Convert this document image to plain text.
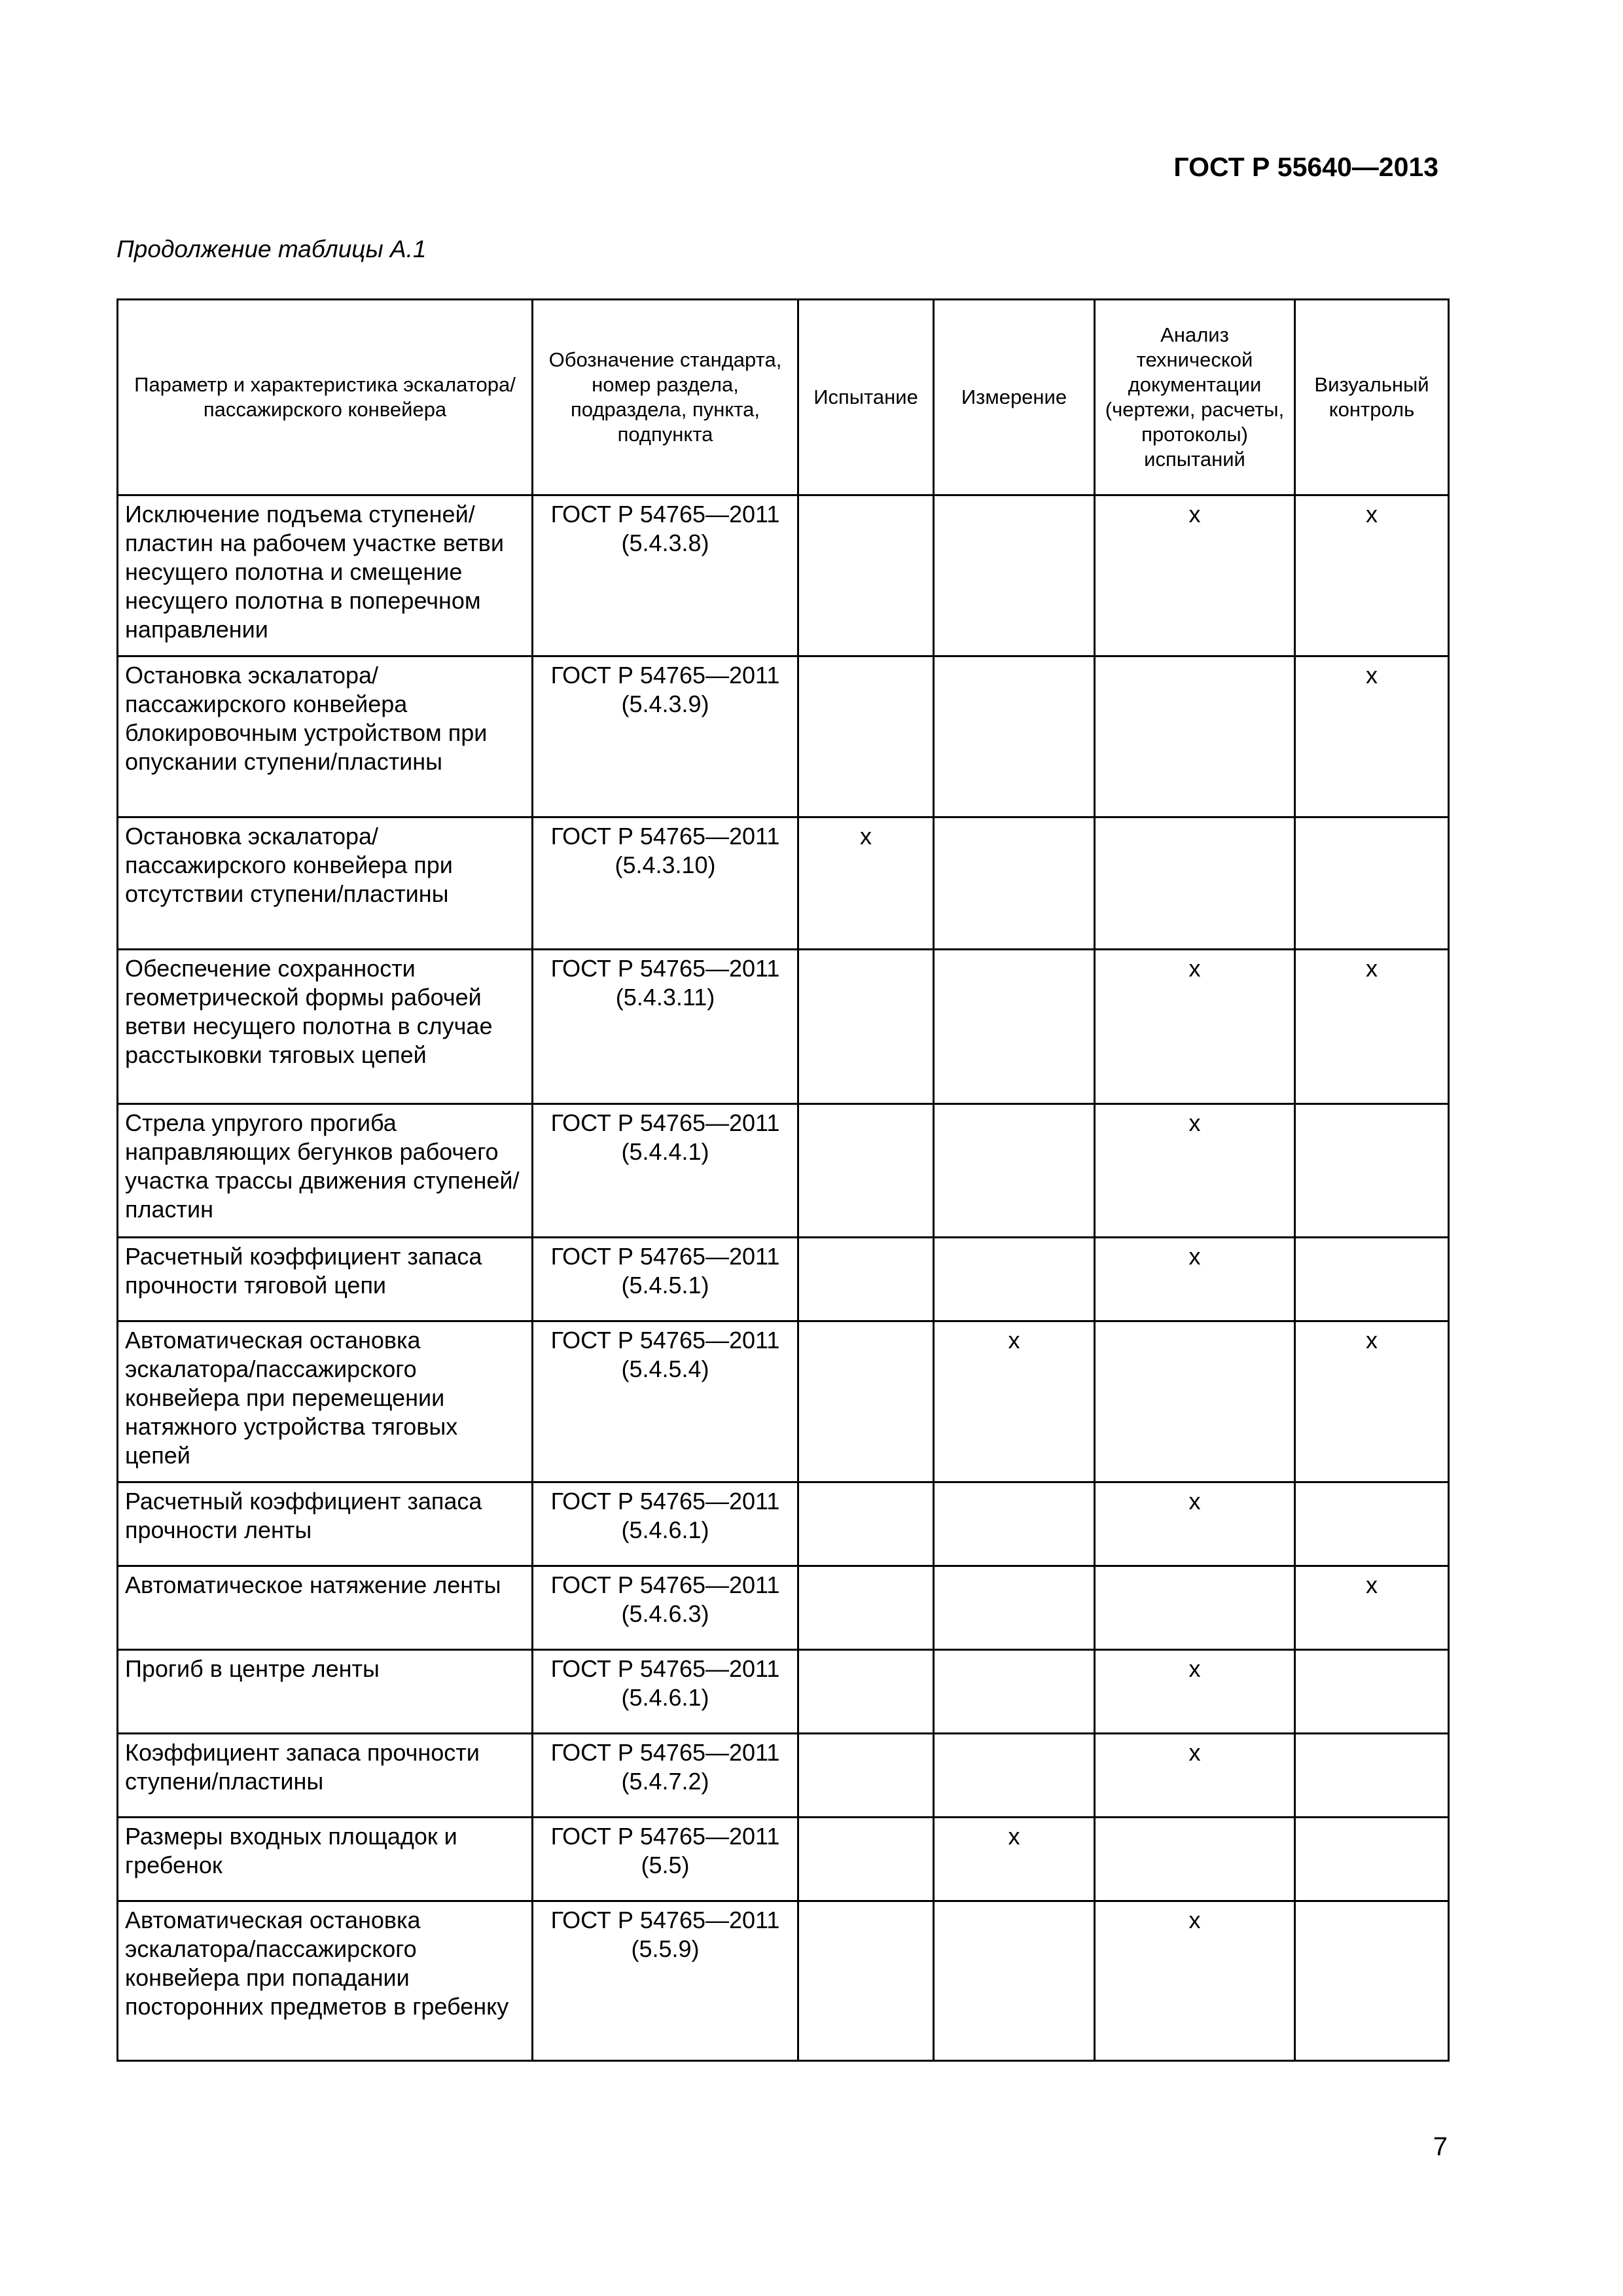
ГОСТ Р 55640—2013

Продолжение таблицы А.1

Параметр и характеристика эскалатора/пассажирского конвейера	Обозначение стандарта, номер раздела, подраздела, пункта, подпункта	Испытание	Измерение	Анализ технической документации (чертежи, расчеты, протоколы) испытаний	Визуальный контроль
Исключение подъема ступеней/пластин на рабочем участке ветви несущего полотна и смещение несущего полотна в поперечном направлении	ГОСТ Р 54765—2011 (5.4.3.8)			х	х
Остановка эскалатора/пассажирского конвейера блокировочным устройством при опускании ступени/пластины	ГОСТ Р 54765—2011 (5.4.3.9)				х
Остановка эскалатора/пассажирского конвейера при отсутствии ступени/пластины	ГОСТ Р 54765—2011 (5.4.3.10)	х			
Обеспечение сохранности геометрической формы рабочей ветви несущего полотна в случае расстыковки тяговых цепей	ГОСТ Р 54765—2011 (5.4.3.11)			х	х
Стрела упругого прогиба направляющих бегунков рабочего участка трассы движения ступеней/пластин	ГОСТ Р 54765—2011 (5.4.4.1)			х	
Расчетный коэффициент запаса прочности тяговой цепи	ГОСТ Р 54765—2011 (5.4.5.1)			х	
Автоматическая остановка эскалатора/пассажирского конвейера при перемещении натяжного устройства тяговых цепей	ГОСТ Р 54765—2011 (5.4.5.4)		х		х
Расчетный коэффициент запаса прочности ленты	ГОСТ Р 54765—2011 (5.4.6.1)			х	
Автоматическое натяжение ленты	ГОСТ Р 54765—2011 (5.4.6.3)				х
Прогиб в центре ленты	ГОСТ Р 54765—2011 (5.4.6.1)			х	
Коэффициент запаса прочности ступени/пластины	ГОСТ Р 54765—2011 (5.4.7.2)			х	
Размеры входных площадок и гребенок	ГОСТ Р 54765—2011 (5.5)		х		
Автоматическая остановка эскалатора/пассажирского конвейера при попадании посторонних предметов в гребенку	ГОСТ Р 54765—2011 (5.5.9)			х	

7
